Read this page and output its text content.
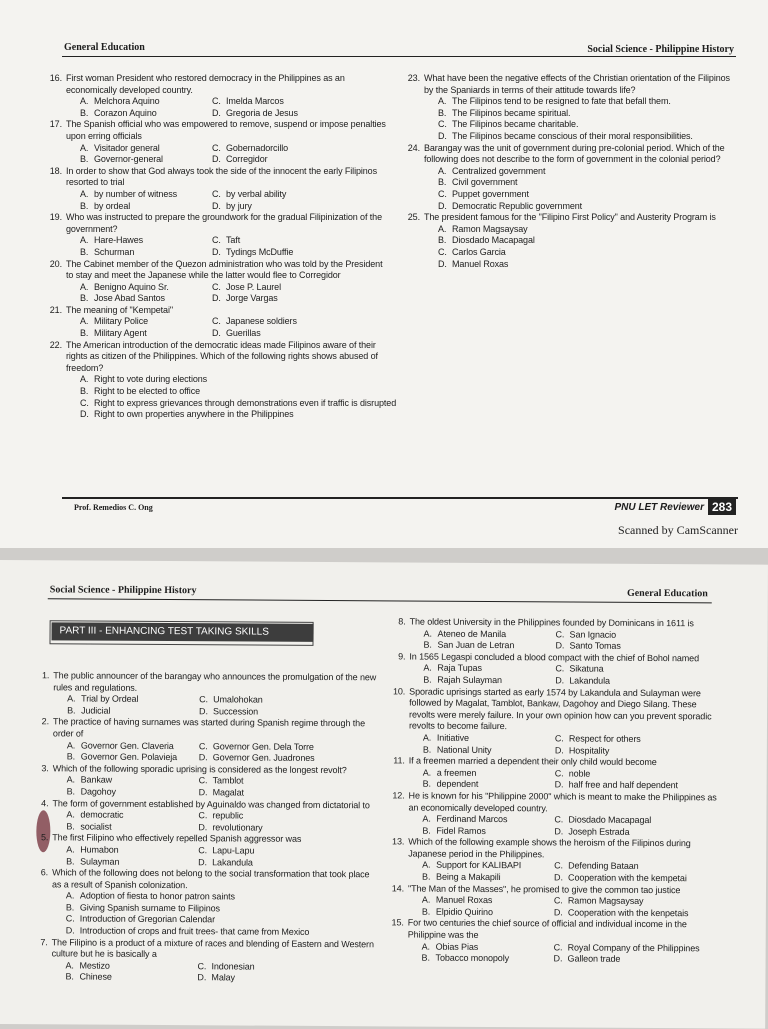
General Education	Social Science - Philippine History
16. First woman President who restored democracy in the Philippines as an economically developed country.
A. Melchora Aquino	C. Imelda Marcos
B. Corazon Aquino	D. Gregoria de Jesus
17. The Spanish official who was empowered to remove, suspend or impose penalties upon erring officials
A. Visitador general	C. Gobernadorcillo
B. Governor-general	D. Corregidor
18. In order to show that God always took the side of the innocent the early Filipinos resorted to trial
A. by number of witness	C. by verbal ability
B. by ordeal	D. by jury
19. Who was instructed to prepare the groundwork for the gradual Filipinization of the government?
A. Hare-Hawes	C. Taft
B. Schurman	D. Tydings McDuffie
20. The Cabinet member of the Quezon administration who was told by the President to stay and meet the Japanese while the latter would flee to Corregidor
A. Benigno Aquino Sr.	C. Jose P. Laurel
B. Jose Abad Santos	D. Jorge Vargas
21. The meaning of "Kempetai"
A. Military Police	C. Japanese soldiers
B. Military Agent	D. Guerillas
22. The American introduction of the democratic ideas made Filipinos aware of their rights as citizen of the Philippines. Which of the following rights shows abused of freedom?
A. Right to vote during elections
B. Right to be elected to office
C. Right to express grievances through demonstrations even if traffic is disrupted
D. Right to own properties anywhere in the Philippines
23. What have been the negative effects of the Christian orientation of the Filipinos by the Spaniards in terms of their attitude towards life?
A. The Filipinos tend to be resigned to fate that befall them.
B. The Filipinos became spiritual.
C. The Filipinos became charitable.
D. The Filipinos became conscious of their moral responsibilities.
24. Barangay was the unit of government during pre-colonial period. Which of the following does not describe to the form of government in the colonial period?
A. Centralized government
B. Civil government
C. Puppet government
D. Democratic Republic government
25. The president famous for the "Filipino First Policy" and Austerity Program is
A. Ramon Magsaysay
B. Diosdado Macapagal
C. Carlos Garcia
D. Manuel Roxas
Prof. Remedios C. Ong	PNU LET Reviewer 283
Scanned by CamScanner
Social Science - Philippine History	General Education
PART III - ENHANCING TEST TAKING SKILLS
1. The public announcer of the barangay who announces the promulgation of the new rules and regulations.
A. Trial by Ordeal	C. Umalohokan
B. Judicial	D. Succession
2. The practice of having surnames was started during Spanish regime through the order of
A. Governor Gen. Claveria	C. Governor Gen. Dela Torre
B. Governor Gen. Polavieja	D. Governor Gen. Juadrones
3. Which of the following sporadic uprising is considered as the longest revolt?
A. Bankaw	C. Tamblot
B. Dagohoy	D. Magalat
4. The form of government established by Aguinaldo was changed from dictatorial to
A. democratic	C. republic
B. socialist	D. revolutionary
5. The first Filipino who effectively repelled Spanish aggressor was
A. Humabon	C. Lapu-Lapu
B. Sulayman	D. Lakandula
6. Which of the following does not belong to the social transformation that took place as a result of Spanish colonization.
A. Adoption of fiesta to honor patron saints
B. Giving Spanish surname to Filipinos
C. Introduction of Gregorian Calendar
D. Introduction of crops and fruit trees- that came from Mexico
7. The Filipino is a product of a mixture of races and blending of Eastern and Western culture but he is basically a
A. Mestizo	C. Indonesian
B. Chinese	D. Malay
8. The oldest University in the Philippines founded by Dominicans in 1611 is
A. Ateneo de Manila	C. San Ignacio
B. San Juan de Letran	D. Santo Tomas
9. In 1565 Legaspi concluded a blood compact with the chief of Bohol named
A. Raja Tupas	C. Sikatuna
B. Rajah Sulayman	D. Lakandula
10. Sporadic uprisings started as early 1574 by Lakandula and Sulayman were followed by Magalat, Tamblot, Bankaw, Dagohoy and Diego Silang. These revolts were merely failure. In your own opinion how can you prevent sporadic revolts to become failure.
A. Initiative	C. Respect for others
B. National Unity	D. Hospitality
11. If a freemen married a dependent their only child would become
A. a freemen	C. noble
B. dependent	D. half free and half dependent
12. He is known for his "Philippine 2000" which is meant to make the Philippines as an economically developed country.
A. Ferdinand Marcos	C. Diosdado Macapagal
B. Fidel Ramos	D. Joseph Estrada
13. Which of the following example shows the heroism of the Filipinos during Japanese period in the Philippines.
A. Support for KALIBAPI	C. Defending Bataan
B. Being a Makapili	D. Cooperation with the kempetai
14. "The Man of the Masses", he promised to give the common tao justice
A. Manuel Roxas	C. Ramon Magsaysay
B. Elpidio Quirino	D. Cooperation with the kenpetais
15. For two centuries the chief source of official and individual income in the Philippine was the
A. Obias Pias	C. Royal Company of the Philippines
B. Tobacco monopoly	D. Galleon trade
